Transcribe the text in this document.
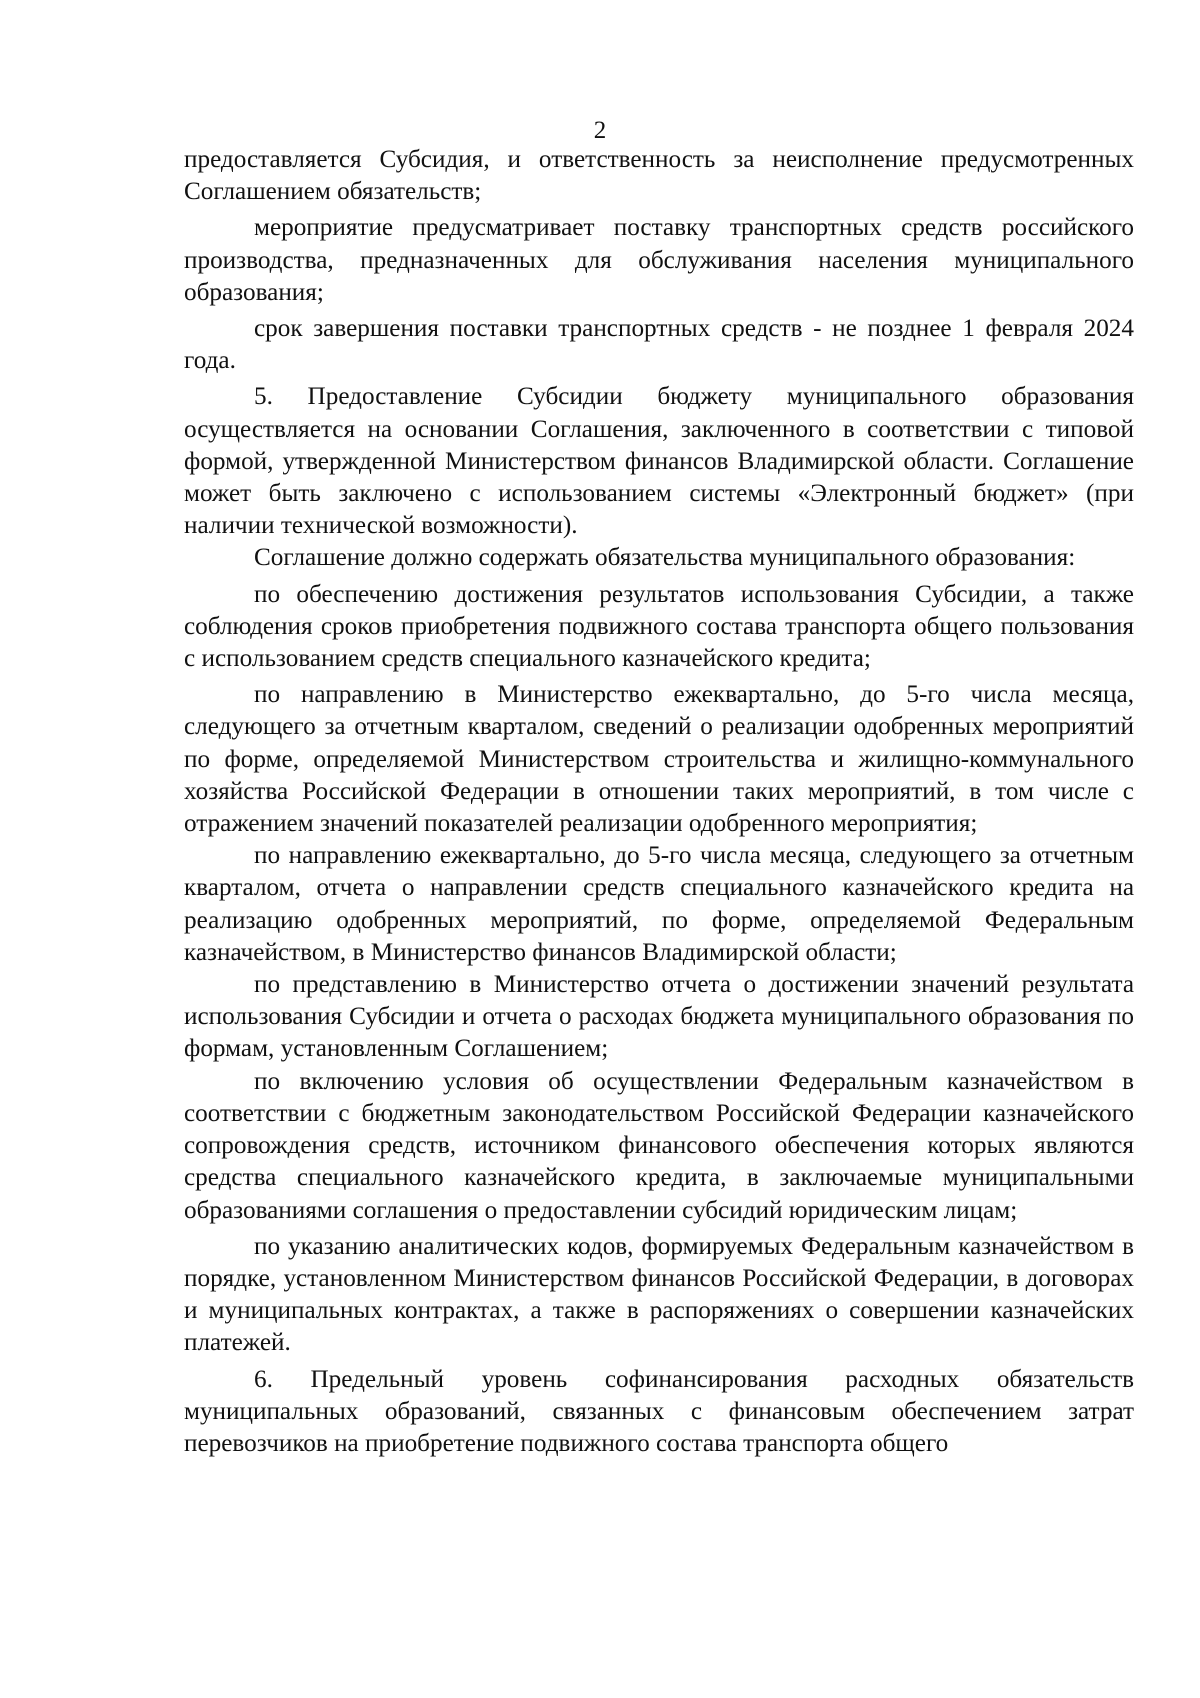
2

предоставляется Субсидия, и ответственность за неисполнение предусмотренных Соглашением обязательств;

мероприятие предусматривает поставку транспортных средств российского производства, предназначенных для обслуживания населения муниципального образования;

срок завершения поставки транспортных средств - не позднее 1 февраля 2024 года.

5. Предоставление Субсидии бюджету муниципального образования осуществляется на основании Соглашения, заключенного в соответствии с типовой формой, утвержденной Министерством финансов Владимирской области. Соглашение может быть заключено с использованием системы «Электронный бюджет» (при наличии технической возможности).

Соглашение должно содержать обязательства муниципального образования:

по обеспечению достижения результатов использования Субсидии, а также соблюдения сроков приобретения подвижного состава транспорта общего пользования с использованием средств специального казначейского кредита;

по направлению в Министерство ежеквартально, до 5-го числа месяца, следующего за отчетным кварталом, сведений о реализации одобренных мероприятий по форме, определяемой Министерством строительства и жилищно-коммунального хозяйства Российской Федерации в отношении таких мероприятий, в том числе с отражением значений показателей реализации одобренного мероприятия;

по направлению ежеквартально, до 5-го числа месяца, следующего за отчетным кварталом, отчета о направлении средств специального казначейского кредита на реализацию одобренных мероприятий, по форме, определяемой Федеральным казначейством, в Министерство финансов Владимирской области;

по представлению в Министерство отчета о достижении значений результата использования Субсидии и отчета о расходах бюджета муниципального образования по формам, установленным Соглашением;

по включению условия об осуществлении Федеральным казначейством в соответствии с бюджетным законодательством Российской Федерации казначейского сопровождения средств, источником финансового обеспечения которых являются средства специального казначейского кредита, в заключаемые муниципальными образованиями соглашения о предоставлении субсидий юридическим лицам;

по указанию аналитических кодов, формируемых Федеральным казначейством в порядке, установленном Министерством финансов Российской Федерации, в договорах и муниципальных контрактах, а также в распоряжениях о совершении казначейских платежей.

6. Предельный уровень софинансирования расходных обязательств муниципальных образований, связанных с финансовым обеспечением затрат перевозчиков на приобретение подвижного состава транспорта общего
